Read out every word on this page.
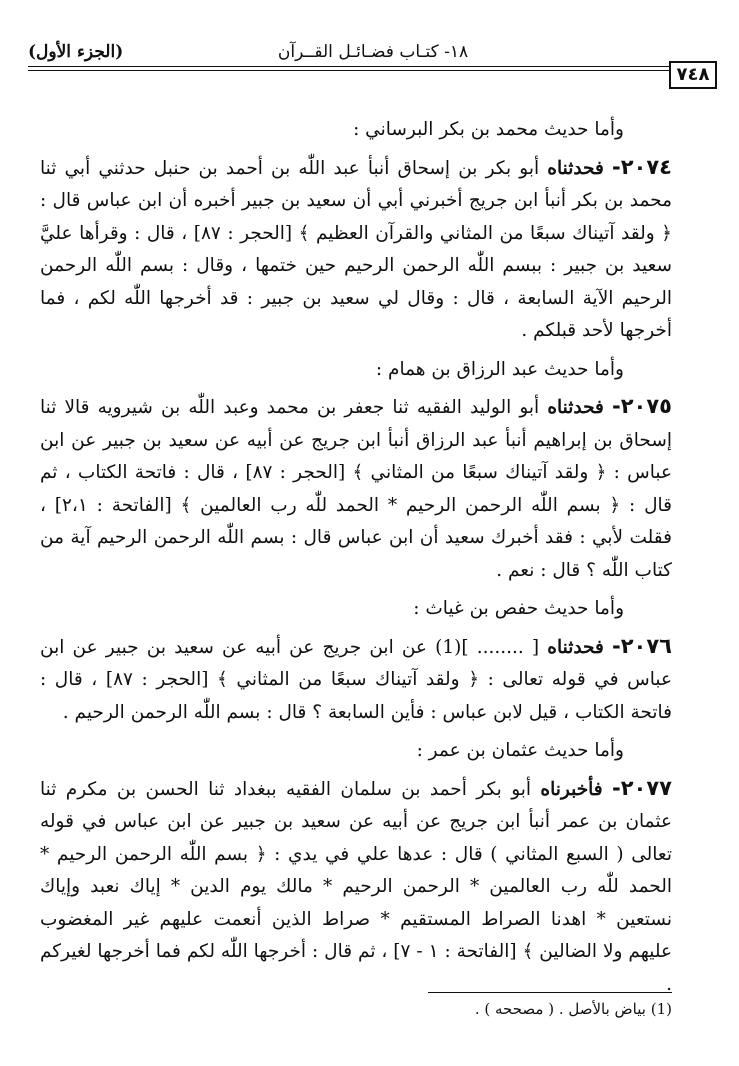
(الجزء الأول)	١٨- كتـاب فضـائـل القــرآن
٧٤٨

وأما حديث محمد بن بكر البرساني :

٢٠٧٤- فحدثناه أبو بكر بن إسحاق أنبأ عبد اللّٰه بن أحمد بن حنبل حدثني أبي ثنا محمد بن بكر أنبأ ابن جريج أخبرني أبي أن سعيد بن جبير أخبره أن ابن عباس قال : ﴿ ولقد آتيناك سبعًا من المثاني والقرآن العظيم ﴾ [الحجر : ٨٧] ، قال : وقرأها عليَّ سعيد بن جبير : ببسم اللّٰه الرحمن الرحيم حين ختمها ، وقال : بسم اللّٰه الرحمن الرحيم الآية السابعة ، قال : وقال لي سعيد بن جبير : قد أخرجها اللّٰه لكم ، فما أخرجها لأحد قبلكم .

وأما حديث عبد الرزاق بن همام :

٢٠٧٥- فحدثناه أبو الوليد الفقيه ثنا جعفر بن محمد وعبد اللّٰه بن شيرويه قالا ثنا إسحاق بن إبراهيم أنبأ عبد الرزاق أنبأ ابن جريج عن أبيه عن سعيد بن جبير عن ابن عباس : ﴿ ولقد آتيناك سبعًا من المثاني ﴾ [الحجر : ٨٧] ، قال : فاتحة الكتاب ، ثم قال : ﴿ بسم اللّٰه الرحمن الرحيم * الحمد للّٰه رب العالمين ﴾ [الفاتحة : ٢،١] ، فقلت لأبي : فقد أخبرك سعيد أن ابن عباس قال : بسم اللّٰه الرحمن الرحيم آية من كتاب اللّٰه ؟ قال : نعم .

وأما حديث حفص بن غياث :

٢٠٧٦- فحدثناه [ ........ ](1) عن ابن جريج عن أبيه عن سعيد بن جبير عن ابن عباس في قوله تعالى : ﴿ ولقد آتيناك سبعًا من المثاني ﴾ [الحجر : ٨٧] ، قال : فاتحة الكتاب ، قيل لابن عباس : فأين السابعة ؟ قال : بسم اللّٰه الرحمن الرحيم .

وأما حديث عثمان بن عمر :

٢٠٧٧- فأخبرناه أبو بكر أحمد بن سلمان الفقيه ببغداد ثنا الحسن بن مكرم ثنا عثمان بن عمر أنبأ ابن جريج عن أبيه عن سعيد بن جبير عن ابن عباس في قوله تعالى ( السبع المثاني ) قال : عدها علي في يدي : ﴿ بسم اللّٰه الرحمن الرحيم * الحمد للّٰه رب العالمين * الرحمن الرحيم * مالك يوم الدين * إياك نعبد وإياك نستعين * اهدنا الصراط المستقيم * صراط الذين أنعمت عليهم غير المغضوب عليهم ولا الضالين ﴾ [الفاتحة : ١ - ٧] ، ثم قال : أخرجها اللّٰه لكم فما أخرجها لغيركم .

(1) بياض بالأصل . ( مصححه ) .
